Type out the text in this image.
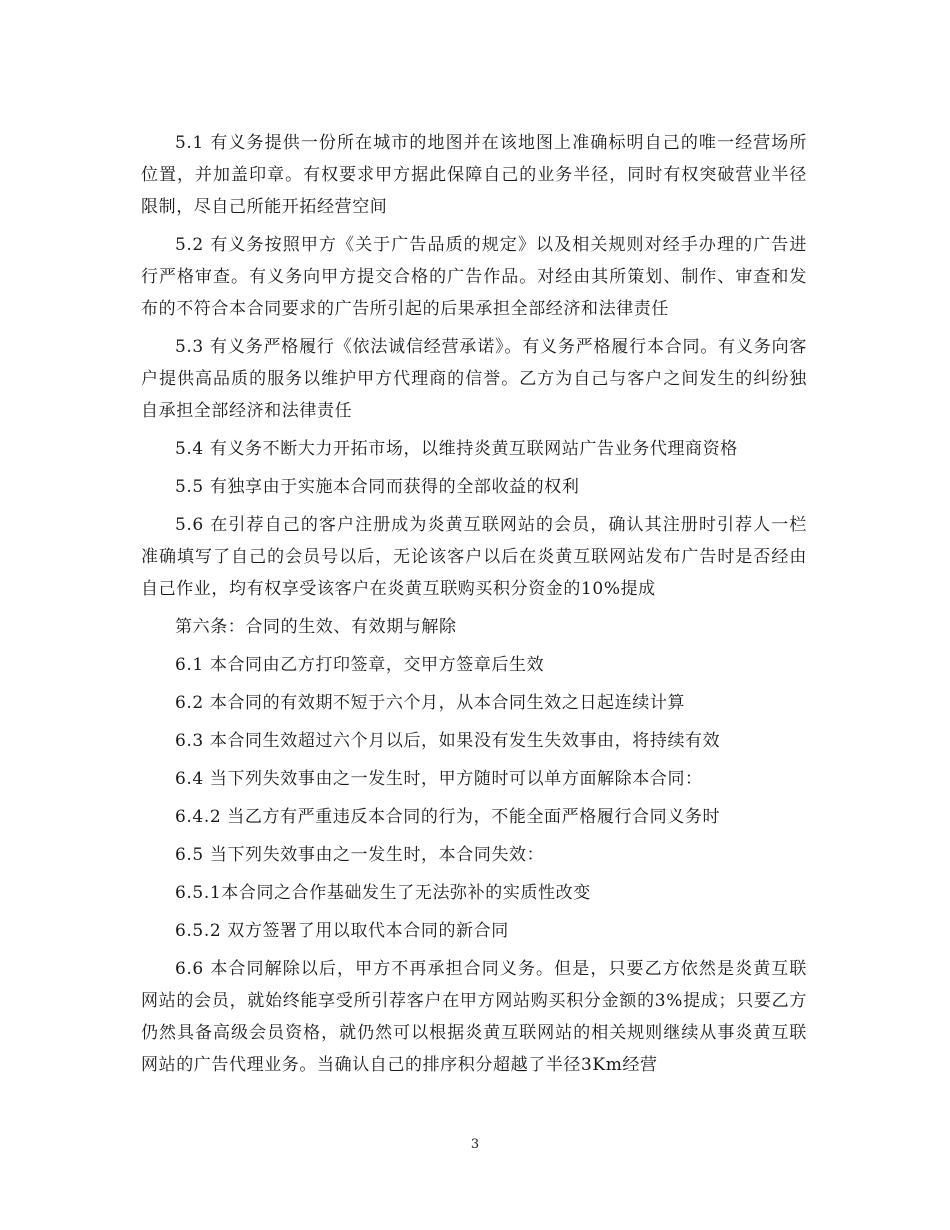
5.1 有义务提供一份所在城市的地图并在该地图上准确标明自己的唯一经营场所位置，并加盖印章。有权要求甲方据此保障自己的业务半径，同时有权突破营业半径限制，尽自己所能开拓经营空间

5.2 有义务按照甲方《关于广告品质的规定》以及相关规则对经手办理的广告进行严格审查。有义务向甲方提交合格的广告作品。对经由其所策划、制作、审查和发布的不符合本合同要求的广告所引起的后果承担全部经济和法律责任

5.3 有义务严格履行《依法诚信经营承诺》。有义务严格履行本合同。有义务向客户提供高品质的服务以维护甲方代理商的信誉。乙方为自己与客户之间发生的纠纷独自承担全部经济和法律责任

5.4 有义务不断大力开拓市场，以维持炎黄互联网站广告业务代理商资格

5.5 有独享由于实施本合同而获得的全部收益的权利

5.6 在引荐自己的客户注册成为炎黄互联网站的会员，确认其注册时引荐人一栏准确填写了自己的会员号以后，无论该客户以后在炎黄互联网站发布广告时是否经由自己作业，均有权享受该客户在炎黄互联购买积分资金的10%提成

第六条：合同的生效、有效期与解除

6.1 本合同由乙方打印签章，交甲方签章后生效

6.2 本合同的有效期不短于六个月，从本合同生效之日起连续计算

6.3 本合同生效超过六个月以后，如果没有发生失效事由，将持续有效

6.4 当下列失效事由之一发生时，甲方随时可以单方面解除本合同：

6.4.2 当乙方有严重违反本合同的行为，不能全面严格履行合同义务时

6.5 当下列失效事由之一发生时，本合同失效：

6.5.1本合同之合作基础发生了无法弥补的实质性改变

6.5.2 双方签署了用以取代本合同的新合同

6.6 本合同解除以后，甲方不再承担合同义务。但是，只要乙方依然是炎黄互联网站的会员，就始终能享受所引荐客户在甲方网站购买积分金额的3%提成；只要乙方仍然具备高级会员资格，就仍然可以根据炎黄互联网站的相关规则继续从事炎黄互联网站的广告代理业务。当确认自己的排序积分超越了半径3Km经营

3
